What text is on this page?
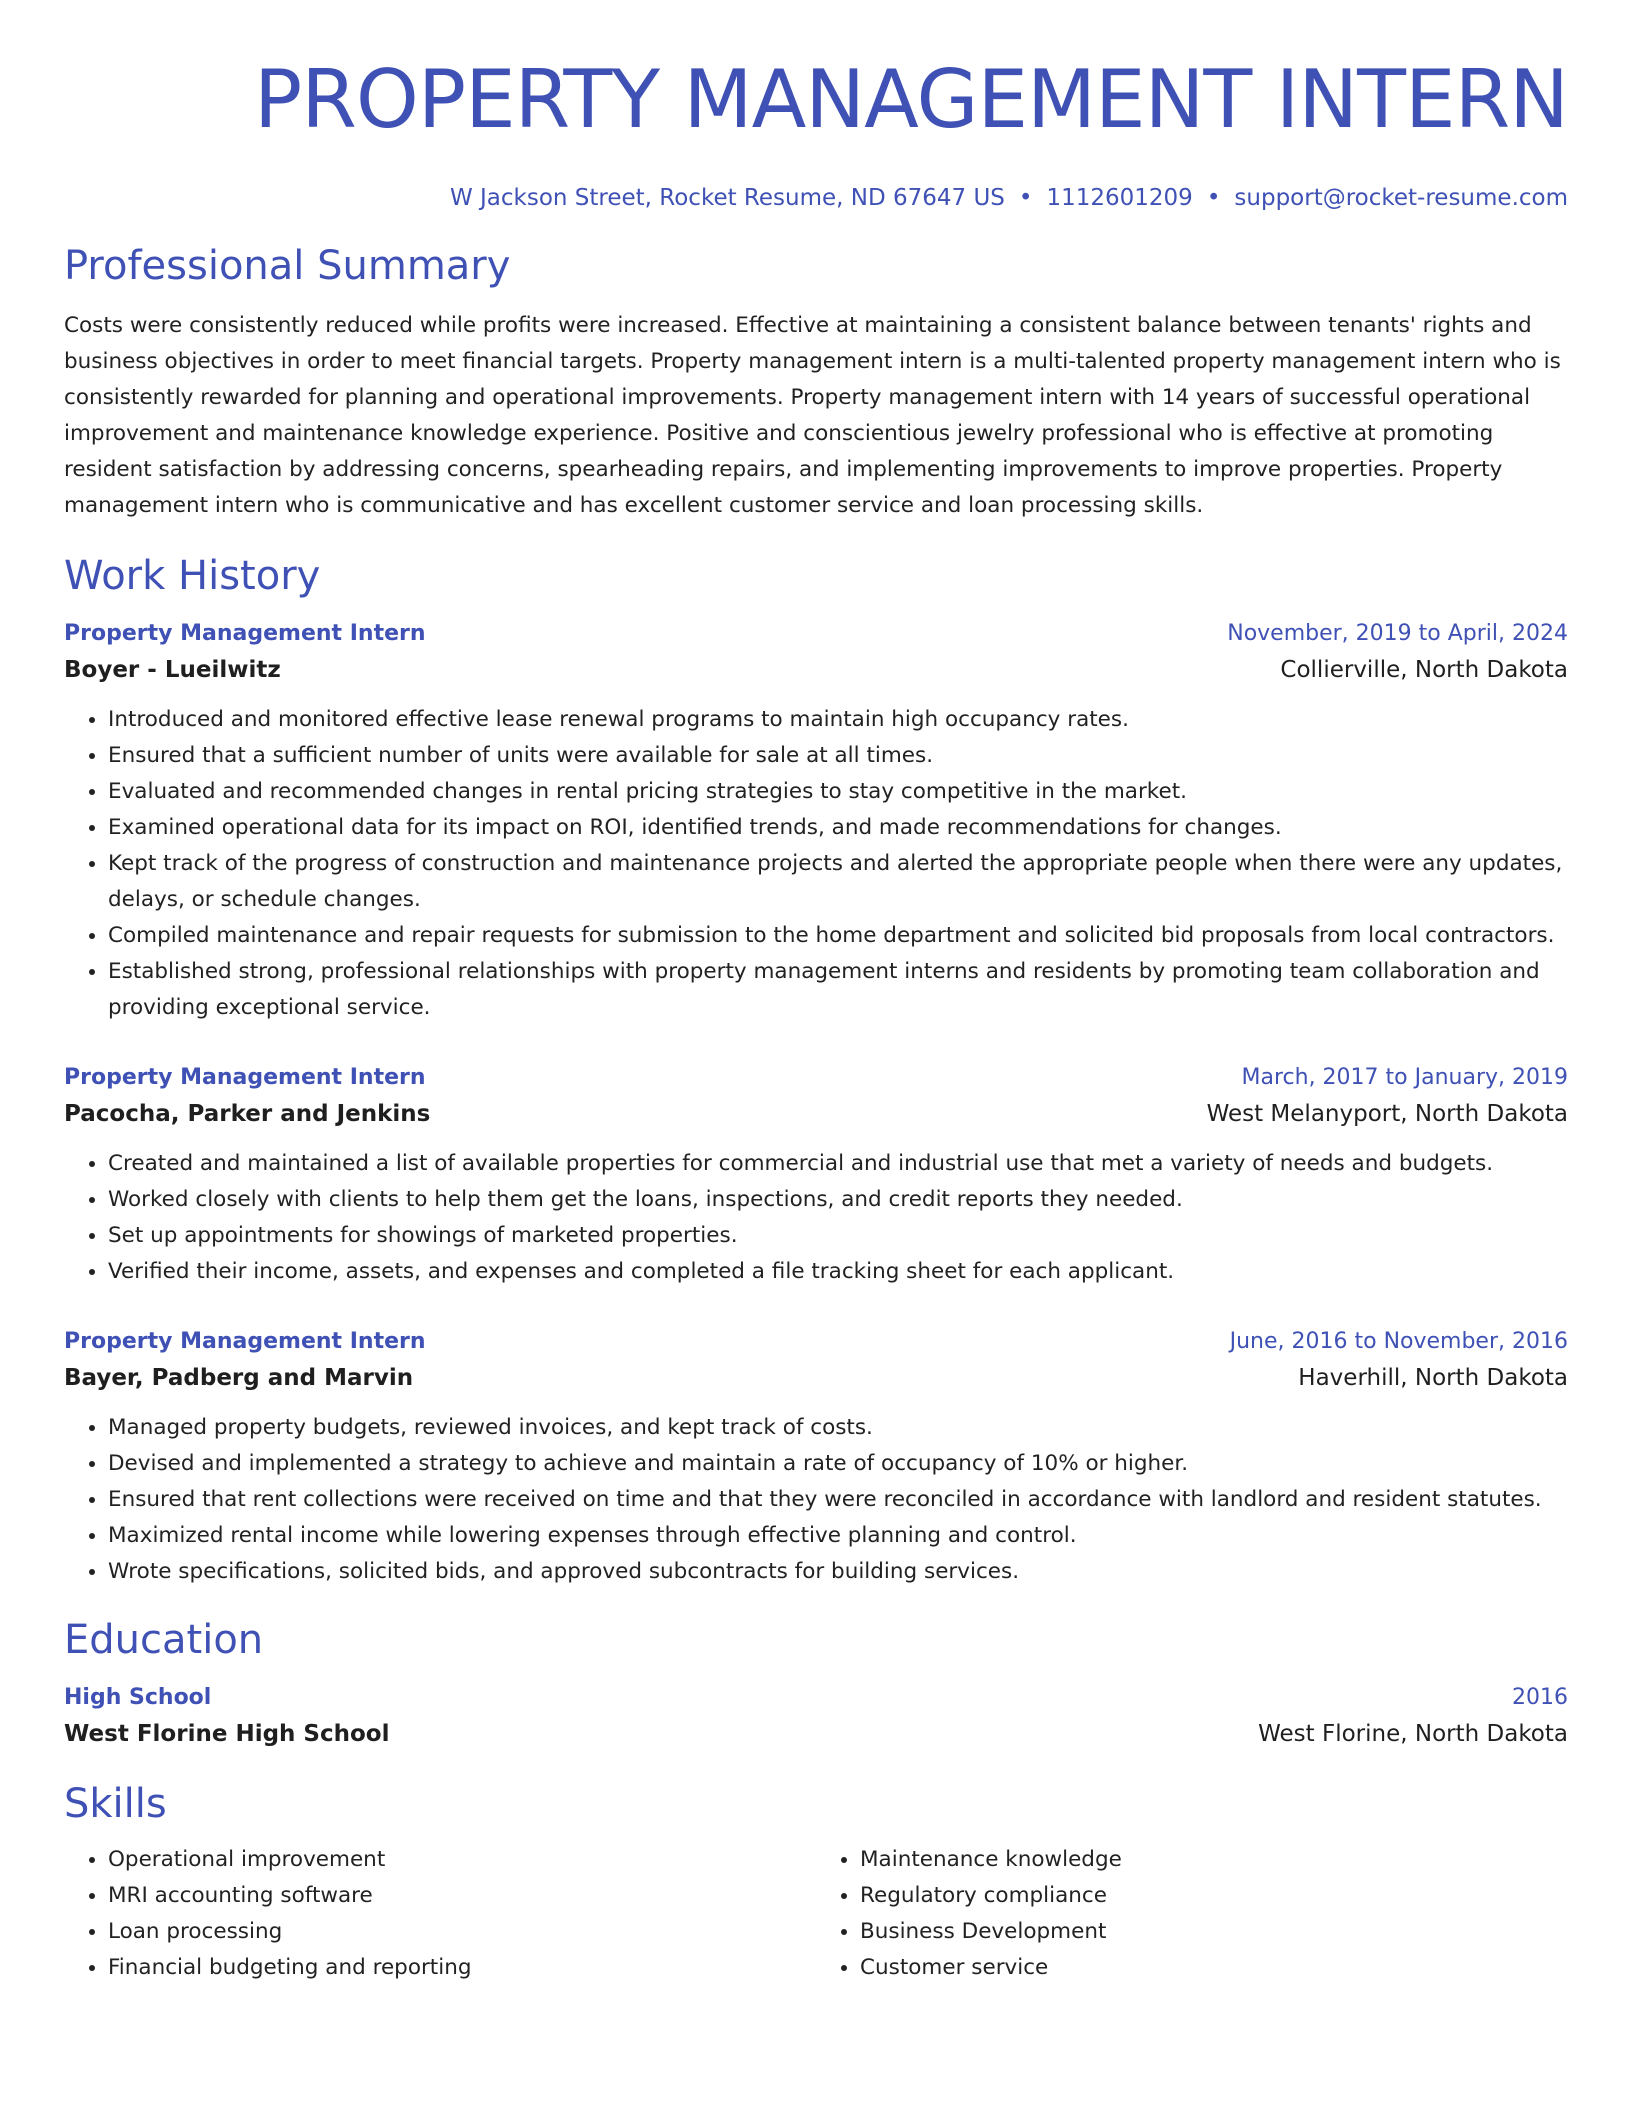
PROPERTY MANAGEMENT INTERN
W Jackson Street, Rocket Resume, ND 67647 US • 1112601209 • support@rocket-resume.com
Professional Summary
Costs were consistently reduced while profits were increased. Effective at maintaining a consistent balance between tenants' rights and business objectives in order to meet financial targets. Property management intern is a multi-talented property management intern who is consistently rewarded for planning and operational improvements. Property management intern with 14 years of successful operational improvement and maintenance knowledge experience. Positive and conscientious jewelry professional who is effective at promoting resident satisfaction by addressing concerns, spearheading repairs, and implementing improvements to improve properties. Property management intern who is communicative and has excellent customer service and loan processing skills.
Work History
Property Management Intern	November, 2019 to April, 2024
Boyer - Lueilwitz	Collierville, North Dakota
• Introduced and monitored effective lease renewal programs to maintain high occupancy rates.
• Ensured that a sufficient number of units were available for sale at all times.
• Evaluated and recommended changes in rental pricing strategies to stay competitive in the market.
• Examined operational data for its impact on ROI, identified trends, and made recommendations for changes.
• Kept track of the progress of construction and maintenance projects and alerted the appropriate people when there were any updates, delays, or schedule changes.
• Compiled maintenance and repair requests for submission to the home department and solicited bid proposals from local contractors.
• Established strong, professional relationships with property management interns and residents by promoting team collaboration and providing exceptional service.
Property Management Intern	March, 2017 to January, 2019
Pacocha, Parker and Jenkins	West Melanyport, North Dakota
• Created and maintained a list of available properties for commercial and industrial use that met a variety of needs and budgets.
• Worked closely with clients to help them get the loans, inspections, and credit reports they needed.
• Set up appointments for showings of marketed properties.
• Verified their income, assets, and expenses and completed a file tracking sheet for each applicant.
Property Management Intern	June, 2016 to November, 2016
Bayer, Padberg and Marvin	Haverhill, North Dakota
• Managed property budgets, reviewed invoices, and kept track of costs.
• Devised and implemented a strategy to achieve and maintain a rate of occupancy of 10% or higher.
• Ensured that rent collections were received on time and that they were reconciled in accordance with landlord and resident statutes.
• Maximized rental income while lowering expenses through effective planning and control.
• Wrote specifications, solicited bids, and approved subcontracts for building services.
Education
High School	2016
West Florine High School	West Florine, North Dakota
Skills
• Operational improvement
• MRI accounting software
• Loan processing
• Financial budgeting and reporting
• Maintenance knowledge
• Regulatory compliance
• Business Development
• Customer service
